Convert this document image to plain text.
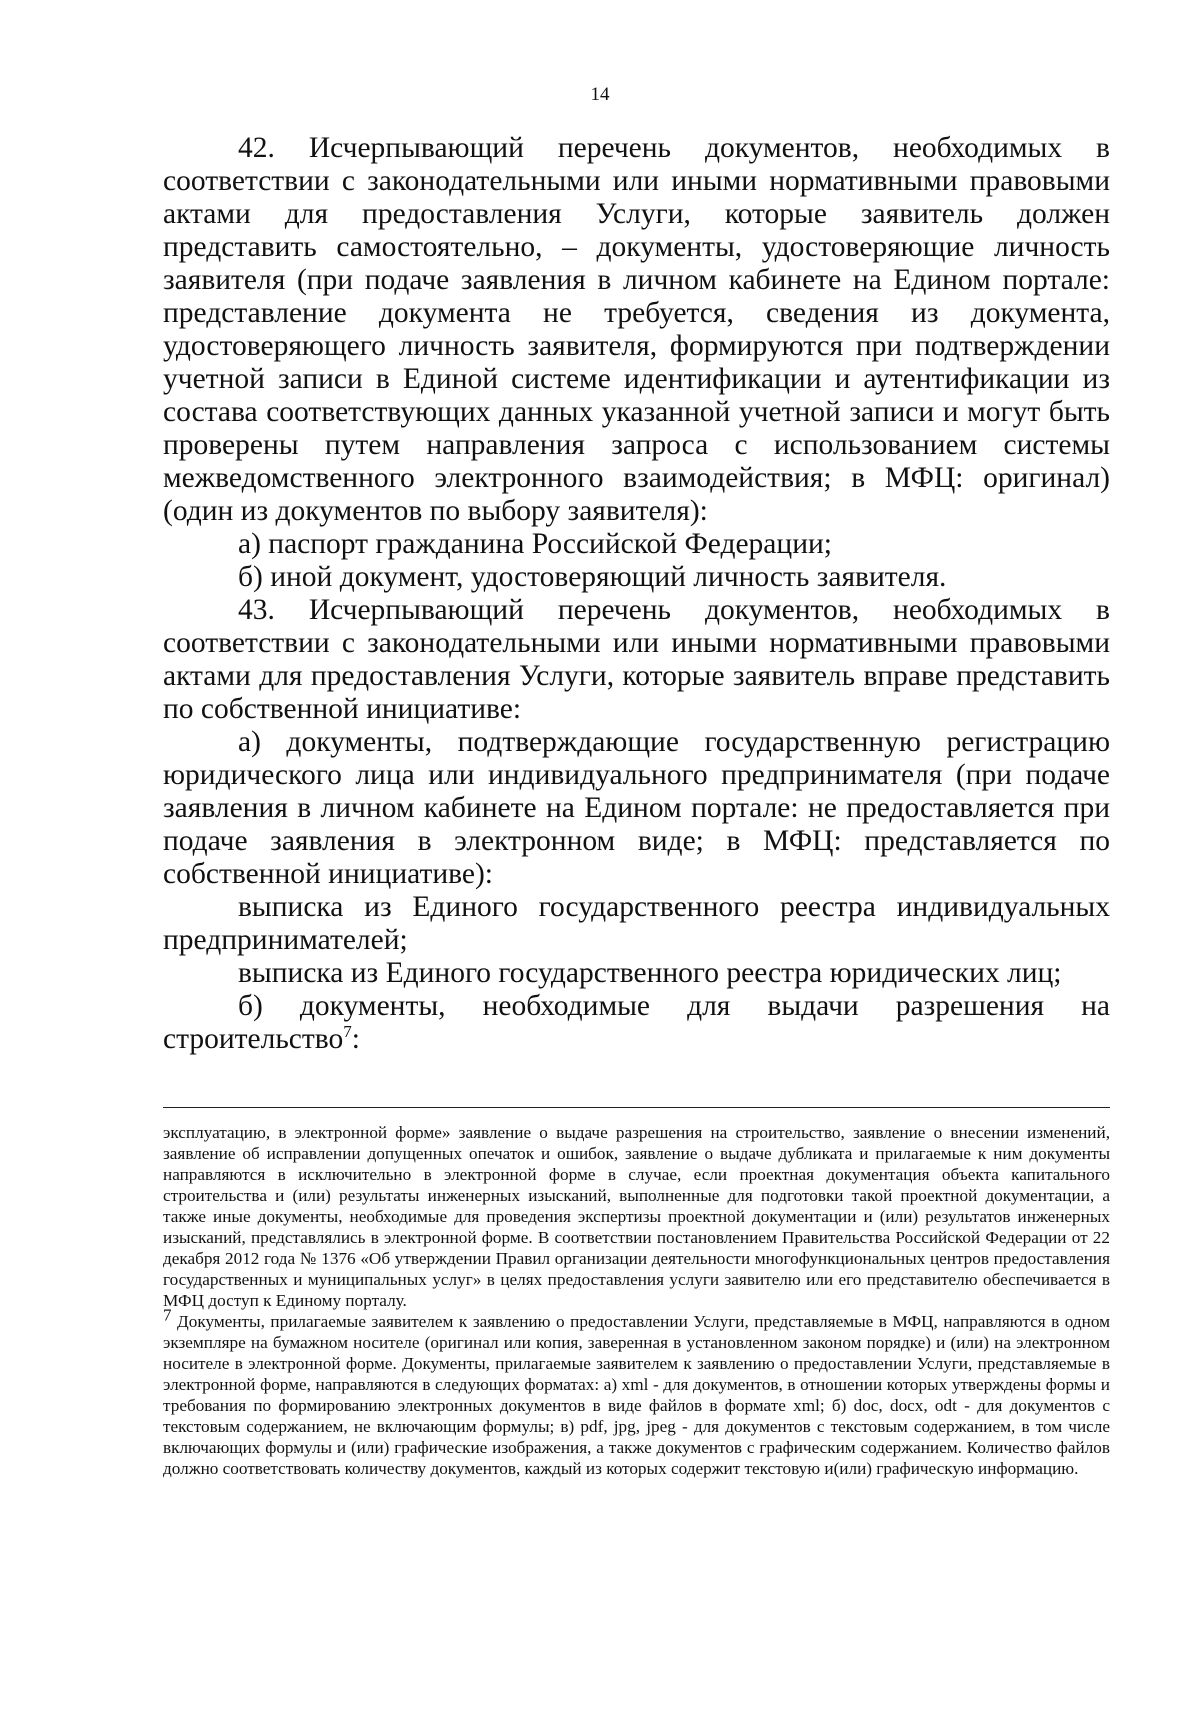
14

42. Исчерпывающий перечень документов, необходимых в соответствии с законодательными или иными нормативными правовыми актами для предоставления Услуги, которые заявитель должен представить самостоятельно, – документы, удостоверяющие личность заявителя (при подаче заявления в личном кабинете на Едином портале: представление документа не требуется, сведения из документа, удостоверяющего личность заявителя, формируются при подтверждении учетной записи в Единой системе идентификации и аутентификации из состава соответствующих данных указанной учетной записи и могут быть проверены путем направления запроса с использованием системы межведомственного электронного взаимодействия; в МФЦ: оригинал) (один из документов по выбору заявителя):

а) паспорт гражданина Российской Федерации;

б) иной документ, удостоверяющий личность заявителя.

43. Исчерпывающий перечень документов, необходимых в соответствии с законодательными или иными нормативными правовыми актами для предоставления Услуги, которые заявитель вправе представить по собственной инициативе:

а) документы, подтверждающие государственную регистрацию юридического лица или индивидуального предпринимателя (при подаче заявления в личном кабинете на Едином портале: не предоставляется при подаче заявления в электронном виде; в МФЦ: представляется по собственной инициативе):

выписка из Единого государственного реестра индивидуальных предпринимателей;

выписка из Единого государственного реестра юридических лиц;

б) документы, необходимые для выдачи разрешения на строительство$^7$:

эксплуатацию, в электронной форме» заявление о выдаче разрешения на строительство, заявление о внесении изменений, заявление об исправлении допущенных опечаток и ошибок, заявление о выдаче дубликата и прилагаемые к ним документы направляются в исключительно в электронной форме в случае, если проектная документация объекта капитального строительства и (или) результаты инженерных изысканий, выполненные для подготовки такой проектной документации, а также иные документы, необходимые для проведения экспертизы проектной документации и (или) результатов инженерных изысканий, представлялись в электронной форме. В соответствии постановлением Правительства Российской Федерации от 22 декабря 2012 года № 1376 «Об утверждении Правил организации деятельности многофункциональных центров предоставления государственных и муниципальных услуг» в целях предоставления услуги заявителю или его представителю обеспечивается в МФЦ доступ к Единому порталу.

$^7$ Документы, прилагаемые заявителем к заявлению о предоставлении Услуги, представляемые в МФЦ, направляются в одном экземпляре на бумажном носителе (оригинал или копия, заверенная в установленном законом порядке) и (или) на электронном носителе в электронной форме. Документы, прилагаемые заявителем к заявлению о предоставлении Услуги, представляемые в электронной форме, направляются в следующих форматах: а) xml - для документов, в отношении которых утверждены формы и требования по формированию электронных документов в виде файлов в формате xml; б) doc, docx, odt - для документов с текстовым содержанием, не включающим формулы; в) pdf, jpg, jpeg - для документов с текстовым содержанием, в том числе включающих формулы и (или) графические изображения, а также документов с графическим содержанием. Количество файлов должно соответствовать количеству документов, каждый из которых содержит текстовую и(или) графическую информацию.
